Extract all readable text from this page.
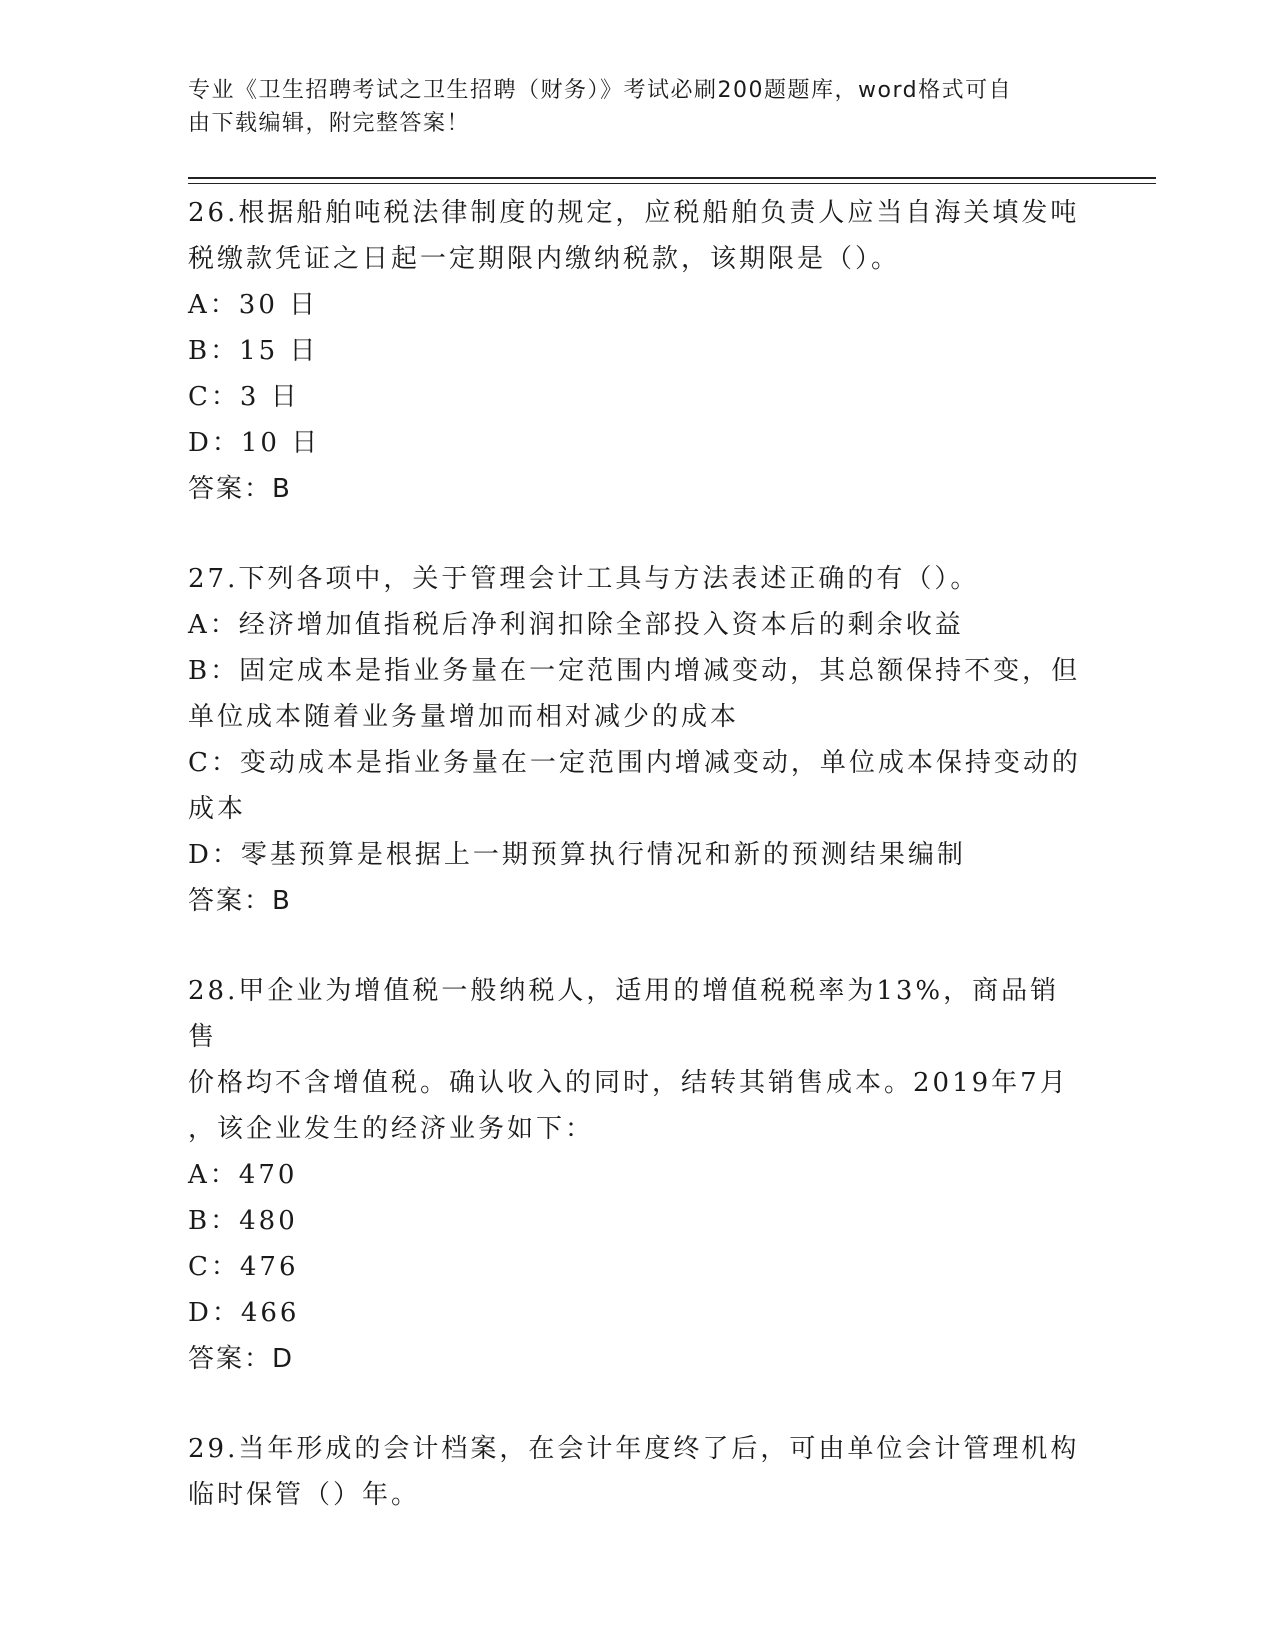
专业《卫生招聘考试之卫生招聘（财务）》考试必刷200题题库，word格式可自
由下载编辑，附完整答案！
26.根据船舶吨税法律制度的规定，应税船舶负责人应当自海关填发吨
税缴款凭证之日起一定期限内缴纳税款，该期限是（）。
A：30 日
B：15 日
C：3 日
D：10 日
答案：B
27.下列各项中，关于管理会计工具与方法表述正确的有（）。
A：经济增加值指税后净利润扣除全部投入资本后的剩余收益
B：固定成本是指业务量在一定范围内增减变动，其总额保持不变，但
单位成本随着业务量增加而相对减少的成本
C：变动成本是指业务量在一定范围内增减变动，单位成本保持变动的
成本
D：零基预算是根据上一期预算执行情况和新的预测结果编制
答案：B
28.甲企业为增值税一般纳税人，适用的增值税税率为13%，商品销售
价格均不含增值税。确认收入的同时，结转其销售成本。2019年7月
，该企业发生的经济业务如下：
A：470
B：480
C：476
D：466
答案：D
29.当年形成的会计档案，在会计年度终了后，可由单位会计管理机构
临时保管（）年。
